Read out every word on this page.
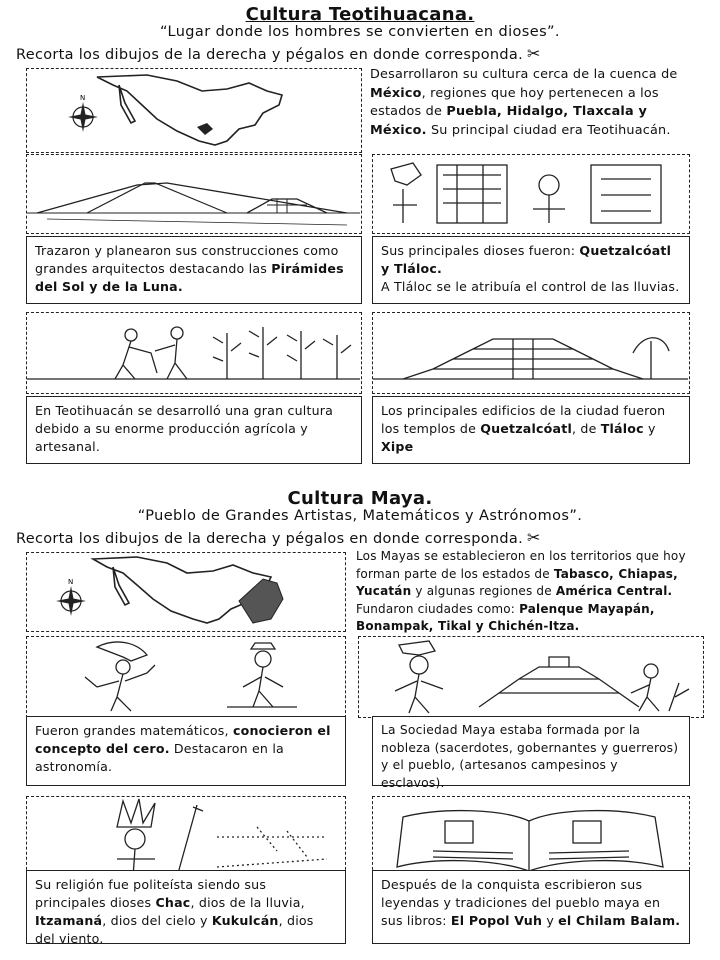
Cultura Teotihuacana.
“Lugar donde los hombres se convierten en dioses”.
Recorta los dibujos de la derecha y pégalos en donde corresponda. ✂
N
Desarrollaron su cultura cerca de la cuenca de México, regiones que hoy pertenecen a los estados de Puebla, Hidalgo, Tlaxcala y México. Su principal ciudad era Teotihuacán.
Trazaron y planearon sus construcciones como grandes arquitectos destacando las Pirámides del Sol y de la Luna.
Sus principales dioses fueron: Quetzalcóatl y Tláloc.
A Tláloc se le atribuía el control de las lluvias.
En Teotihuacán se desarrolló una gran cultura debido a su enorme producción agrícola y artesanal.
Los principales edificios de la ciudad fueron los templos de Quetzalcóatl, de Tláloc y Xipe
Cultura Maya.
“Pueblo de Grandes Artistas, Matemáticos y Astrónomos”.
Recorta los dibujos de la derecha y pégalos en donde corresponda. ✂
N
Los Mayas se establecieron en los territorios que hoy forman parte de los estados de Tabasco, Chiapas, Yucatán y algunas regiones de América Central. Fundaron ciudades como: Palenque Mayapán, Bonampak, Tikal y Chichén-Itza.
Fueron grandes matemáticos, conocieron el concepto del cero. Destacaron en la astronomía.
La Sociedad Maya estaba formada por la nobleza (sacerdotes, gobernantes y guerreros) y el pueblo, (artesanos campesinos y esclavos).
Su religión fue politeísta siendo sus principales dioses Chac, dios de la lluvia, Itzamaná, dios del cielo y Kukulcán, dios del viento.
Después de la conquista escribieron sus leyendas y tradiciones del pueblo maya en sus libros: El Popol Vuh y el Chilam Balam.
